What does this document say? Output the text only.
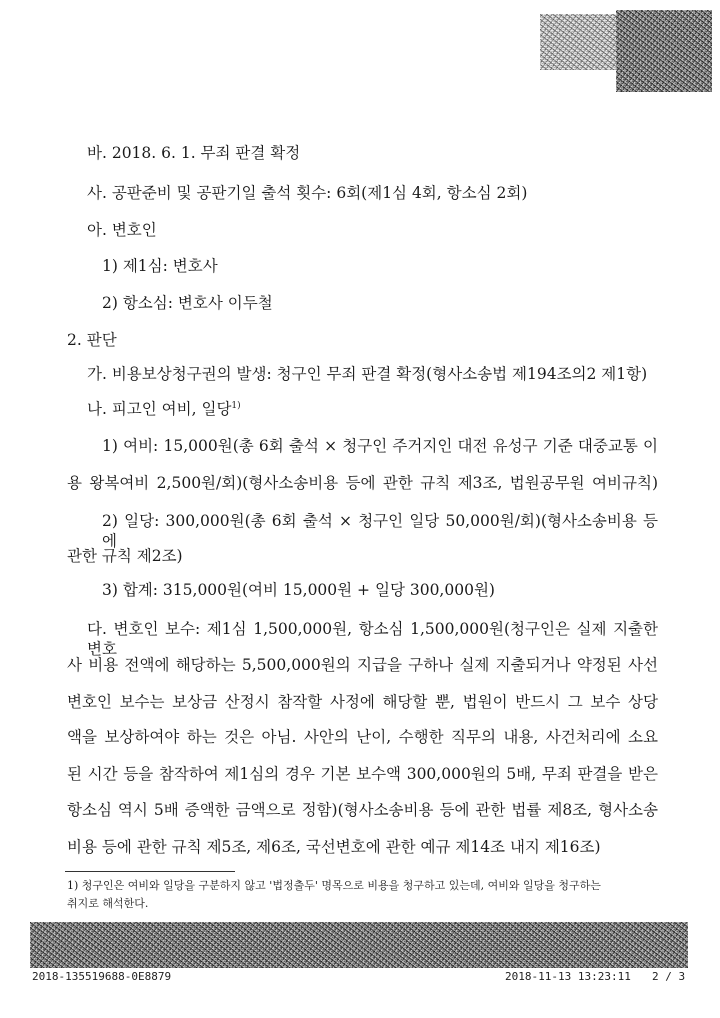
바. 2018. 6. 1. 무죄 판결 확정
사. 공판준비 및 공판기일 출석 횟수: 6회(제1심 4회, 항소심 2회)
아. 변호인
1) 제1심: 변호사
2) 항소심: 변호사 이두철
2. 판단
가. 비용보상청구권의 발생: 청구인 무죄 판결 확정(형사소송법 제194조의2 제1항)
나. 피고인 여비, 일당$^{1)}$
1) 여비: 15,000원(총 6회 출석 × 청구인 주거지인 대전 유성구 기준 대중교통 이
용 왕복여비 2,500원/회)(형사소송비용 등에 관한 규칙 제3조, 법원공무원 여비규칙)
2) 일당: 300,000원(총 6회 출석 × 청구인 일당 50,000원/회)(형사소송비용 등에
관한 규칙 제2조)
3) 합계: 315,000원(여비 15,000원 + 일당 300,000원)
다. 변호인 보수: 제1심 1,500,000원, 항소심 1,500,000원(청구인은 실제 지출한 변호
사 비용 전액에 해당하는 5,500,000원의 지급을 구하나 실제 지출되거나 약정된 사선
변호인 보수는 보상금 산정시 참작할 사정에 해당할 뿐, 법원이 반드시 그 보수 상당
액을 보상하여야 하는 것은 아님. 사안의 난이, 수행한 직무의 내용, 사건처리에 소요
된 시간 등을 참작하여 제1심의 경우 기본 보수액 300,000원의 5배, 무죄 판결을 받은
항소심 역시 5배 증액한 금액으로 정함)(형사소송비용 등에 관한 법률 제8조, 형사소송
비용 등에 관한 규칙 제5조, 제6조, 국선변호에 관한 예규 제14조 내지 제16조)
1) 청구인은 여비와 일당을 구분하지 않고 '법정출두' 명목으로 비용을 청구하고 있는데, 여비와 일당을 청구하는
취지로 해석한다.
2018-135519688-0E8879	2018-11-13 13:23:11 2 / 3
